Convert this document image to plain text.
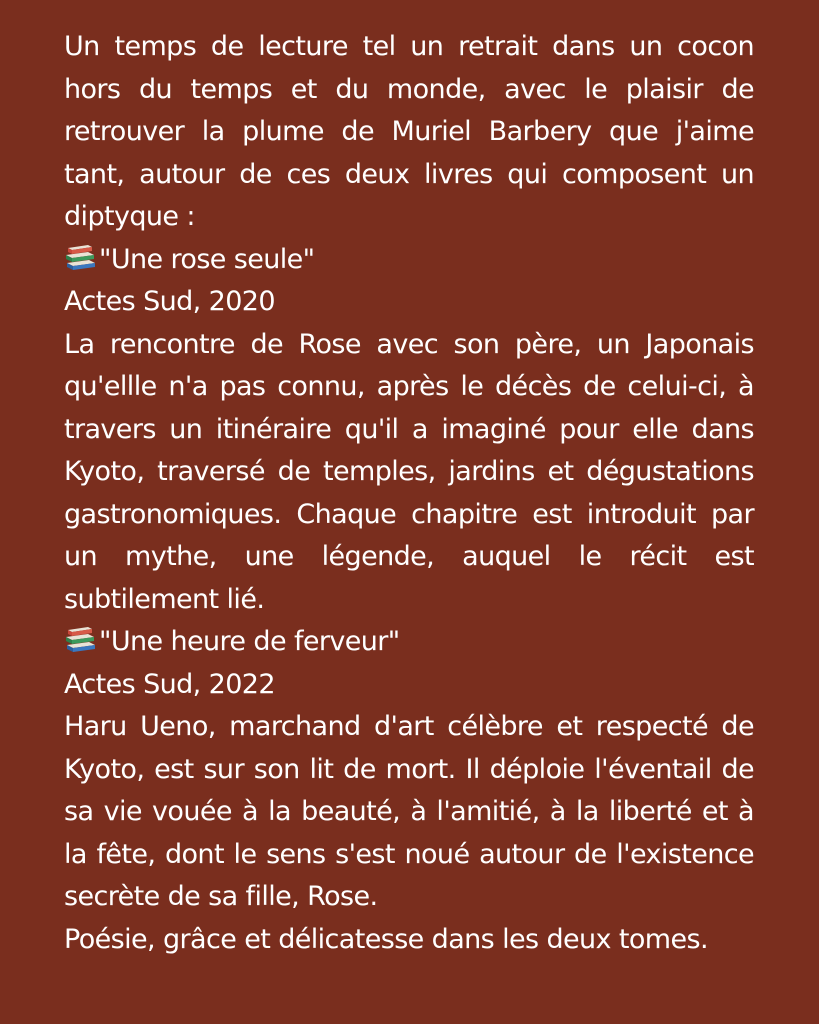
Un temps de lecture tel un retrait dans un cocon hors du temps et du monde, avec le plaisir de retrouver la plume de Muriel Barbery que j'aime tant, autour de ces deux livres qui composent un diptyque :

"Une rose seule"
Actes Sud, 2020

La rencontre de Rose avec son père, un Japonais qu'ellle n'a pas connu, après le décès de celui-ci, à travers un itinéraire qu'il a imaginé pour elle dans Kyoto, traversé de temples, jardins et dégustations gastronomiques. Chaque chapitre est introduit par un mythe, une légende, auquel le récit est subtilement lié.

"Une heure de ferveur"
Actes Sud, 2022

Haru Ueno, marchand d'art célèbre et respecté de Kyoto, est sur son lit de mort. Il déploie l'éventail de sa vie vouée à la beauté, à l'amitié, à la liberté et à la fête, dont le sens s'est noué autour de l'existence secrète de sa fille, Rose.

Poésie, grâce et délicatesse dans les deux tomes.
